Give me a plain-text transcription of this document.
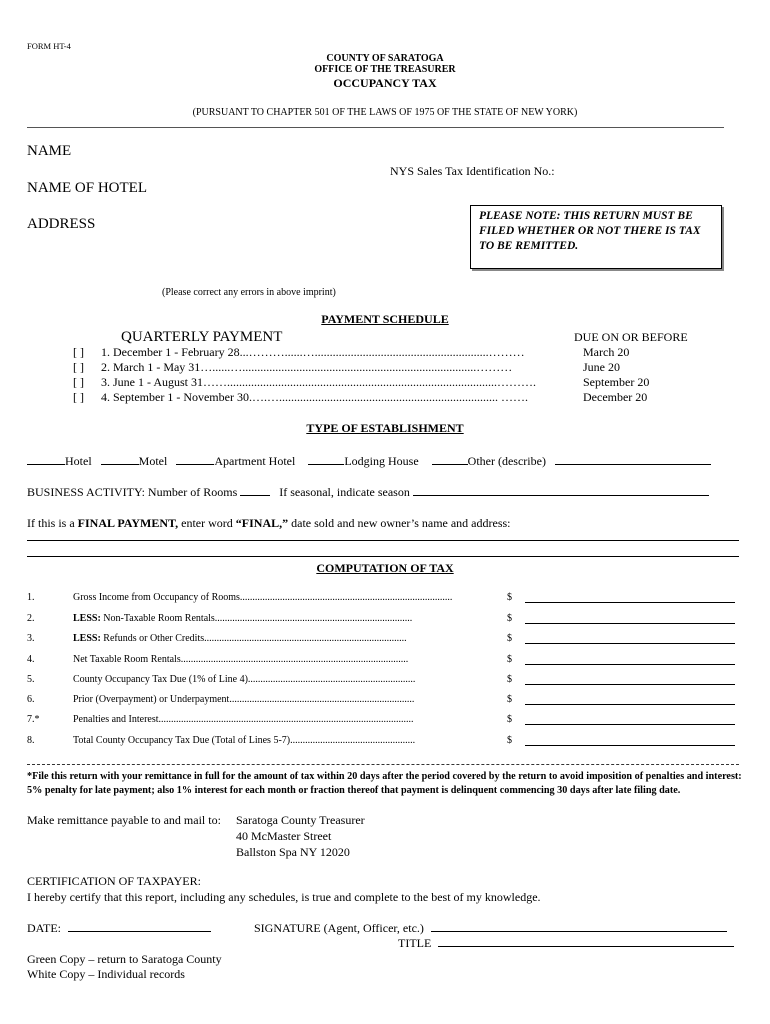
FORM HT-4
COUNTY OF SARATOGA
OFFICE OF THE TREASURER
OCCUPANCY TAX
(PURSUANT TO CHAPTER 501 OF THE LAWS OF 1975 OF THE STATE OF NEW YORK)
NAME
NYS Sales Tax Identification No.:
NAME OF HOTEL
ADDRESS	PLEASE NOTE: THIS RETURN MUST BE FILED WHETHER OR NOT THERE IS TAX TO BE REMITTED.
(Please correct any errors in above imprint)
PAYMENT SCHEDULE
QUARTERLY PAYMENT	DUE ON OR BEFORE
[ ] 1. December 1 - February 28...………......…..........................................................………	March 20
[ ] 2. March 1 - May 31…......…..............................................................................………	June 20
[ ] 3. June 1 - August 31……..........................................................................................……….	September 20
[ ] 4. September 1 - November 30.….…......................................................................... …….	December 20
TYPE OF ESTABLISHMENT
Hotel	Motel	Apartment Hotel	Lodging House	Other (describe)
BUSINESS ACTIVITY: Number of Rooms	If seasonal, indicate season
If this is a FINAL PAYMENT, enter word “FINAL,” date sold and new owner’s name and address:
COMPUTATION OF TAX
1.	Gross Income from Occupancy of Rooms.....................................................................................	$
2.	LESS: Non-Taxable Room Rentals...............................................................................	$
3.	LESS: Refunds or Other Credits.................................................................................	$
4.	Net Taxable Room Rentals...........................................................................................	$
5.	County Occupancy Tax Due (1% of Line 4)...................................................................	$
6.	Prior (Overpayment) or Underpayment..........................................................................	$
7.*	Penalties and Interest......................................................................................................	$
8.	Total County Occupancy Tax Due (Total of Lines 5-7)..................................................	$
*File this return with your remittance in full for the amount of tax within 20 days after the period covered by the return to avoid imposition of penalties and interest: 5% penalty for late payment; also 1% interest for each month or fraction thereof that payment is delinquent commencing 30 days after late filing date.
Make remittance payable to and mail to: Saratoga County Treasurer
40 McMaster Street
Ballston Spa NY 12020
CERTIFICATION OF TAXPAYER:
I hereby certify that this report, including any schedules, is true and complete to the best of my knowledge.
DATE:	SIGNATURE (Agent, Officer, etc.)
TITLE
Green Copy – return to Saratoga County
White Copy – Individual records
